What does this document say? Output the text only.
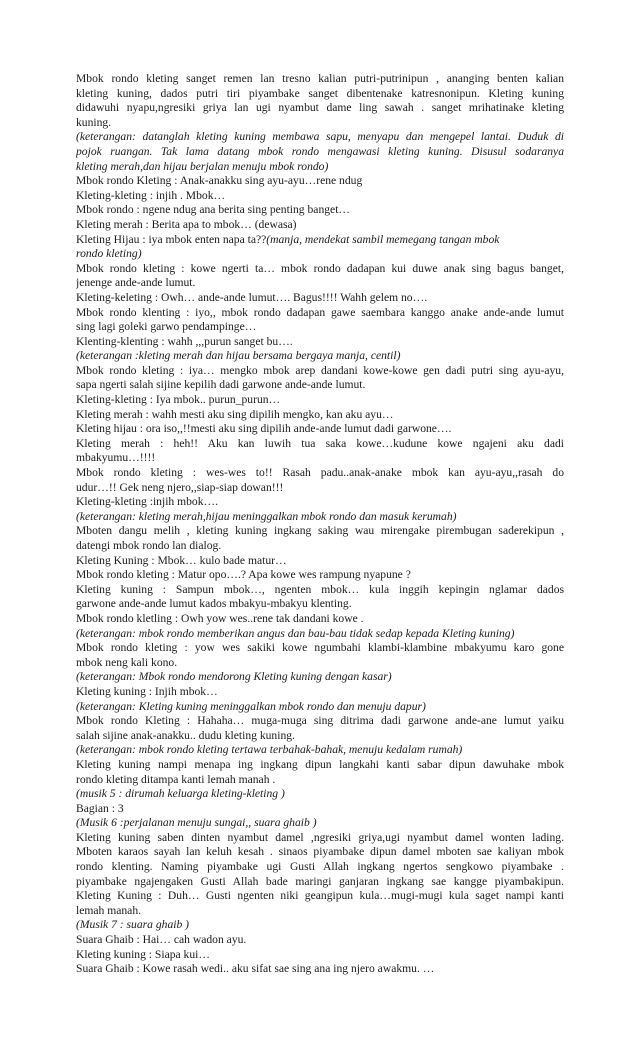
Mbok rondo kleting sanget remen lan tresno kalian putri-putrinipun , ananging benten kalian
kleting kuning, dados putri tiri piyambake sanget dibentenake katresnonipun. Kleting kuning
didawuhi nyapu,ngresiki griya lan ugi nyambut dame ling sawah . sanget mrihatinake kleting
kuning.
(keterangan: datanglah kleting kuning membawa sapu, menyapu dan mengepel lantai. Duduk di
pojok ruangan. Tak lama datang mbok rondo mengawasi kleting kuning. Disusul sodaranya
kleting merah,dan hijau berjalan menuju mbok rondo)
Mbok rondo Kleting : Anak-anakku sing ayu-ayu…rene ndug
Kleting-kleting : injih . Mbok…
Mbok rondo : ngene ndug ana berita sing penting banget…
Kleting merah : Berita apa to mbok… (dewasa)
Kleting Hijau : iya mbok enten napa ta??(manja, mendekat sambil memegang tangan mbok
rondo kleting)
Mbok rondo kleting : kowe ngerti ta… mbok rondo dadapan kui duwe anak sing bagus banget,
jenenge ande-ande lumut.
Kleting-keleting : Owh… ande-ande lumut…. Bagus!!!! Wahh gelem no….
Mbok rondo klenting : iyo,, mbok rondo dadapan gawe saembara kanggo anake ande-ande lumut
sing lagi goleki garwo pendampinge…
Klenting-klenting : wahh ,,,purun sanget bu….
(keterangan :kleting merah dan hijau bersama bergaya manja, centil)
Mbok rondo kleting : iya… mengko mbok arep dandani kowe-kowe gen dadi putri sing ayu-ayu,
sapa ngerti salah sijine kepilih dadi garwone ande-ande lumut.
Kleting-kleting : Iya mbok.. purun_purun…
Kleting merah : wahh mesti aku sing dipilih mengko, kan aku ayu…
Kleting hijau : ora iso,,!!mesti aku sing dipilih ande-ande lumut dadi garwone….
Kleting merah : heh!! Aku kan luwih tua saka kowe…kudune kowe ngajeni aku dadi
mbakyumu…!!!!
Mbok rondo kleting : wes-wes to!! Rasah padu..anak-anake mbok kan ayu-ayu,,rasah do
udur…!! Gek neng njero,,siap-siap dowan!!!
Kleting-kleting :injih mbok….
(keterangan: kleting merah,hijau meninggalkan mbok rondo dan masuk kerumah)
Mboten dangu melih , kleting kuning ingkang saking wau mirengake pirembugan saderekipun ,
datengi mbok rondo lan dialog.
Kleting Kuning : Mbok… kulo bade matur…
Mbok rondo kleting : Matur opo….? Apa kowe wes rampung nyapune ?
Kleting kuning : Sampun mbok…, ngenten mbok… kula inggih kepingin nglamar dados
garwone ande-ande lumut kados mbakyu-mbakyu klenting.
Mbok rondo kletling : Owh yow wes..rene tak dandani kowe .
(keterangan: mbok rondo memberikan angus dan bau-bau tidak sedap kepada Kleting kuning)
Mbok rondo kleting : yow wes sakiki kowe ngumbahi klambi-klambine mbakyumu karo gone
mbok neng kali kono.
(keterangan: Mbok rondo mendorong Kleting kuning dengan kasar)
Kleting kuning : Injih mbok…
(keterangan: Kleting kuning meninggalkan mbok rondo dan menuju dapur)
Mbok rondo Kleting : Hahaha… muga-muga sing ditrima dadi garwone ande-ane lumut yaiku
salah sijine anak-anakku.. dudu kleting kuning.
(keterangan: mbok rondo kleting tertawa terbahak-bahak, menuju kedalam rumah)
Kleting kuning nampi menapa ing ingkang dipun langkahi kanti sabar dipun dawuhake mbok
rondo kleting ditampa kanti lemah manah .
(musik 5 : dirumah keluarga kleting-kleting )
Bagian : 3
(Musik 6 :perjalanan menuju sungai,, suara ghaib )
Kleting kuning saben dinten nyambut damel ,ngresiki griya,ugi nyambut damel wonten lading.
Mboten karaos sayah lan keluh kesah . sinaos piyambake dipun damel mboten sae kaliyan mbok
rondo klenting. Naming piyambake ugi Gusti Allah ingkang ngertos sengkowo piyambake .
piyambake ngajengaken Gusti Allah bade maringi ganjaran ingkang sae kangge piyambakipun.
Kleting Kuning : Duh… Gusti ngenten niki geangipun kula…mugi-mugi kula saget nampi kanti
lemah manah.
(Musik 7 : suara ghaib )
Suara Ghaib : Hai… cah wadon ayu.
Kleting kuning : Siapa kui…
Suara Ghaib : Kowe rasah wedi.. aku sifat sae sing ana ing njero awakmu. …
